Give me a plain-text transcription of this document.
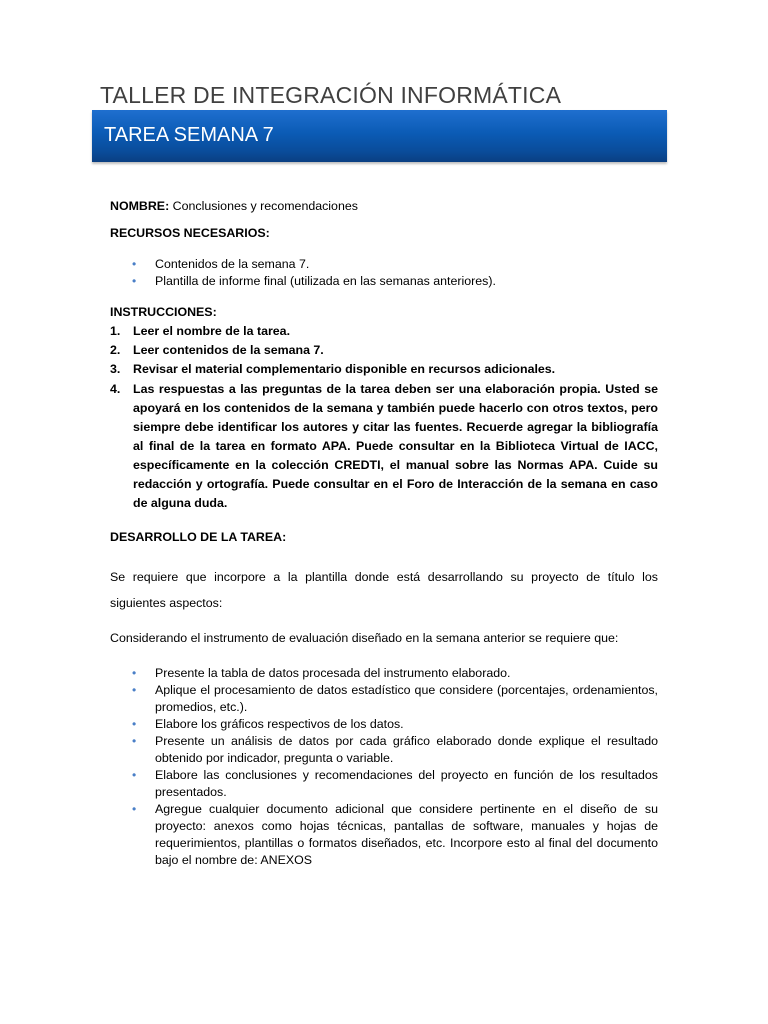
TALLER DE INTEGRACIÓN INFORMÁTICA
TAREA SEMANA 7

NOMBRE: Conclusiones y recomendaciones

RECURSOS NECESARIOS:

• Contenidos de la semana 7.
• Plantilla de informe final (utilizada en las semanas anteriores).

INSTRUCCIONES:

1. Leer el nombre de la tarea.
2. Leer contenidos de la semana 7.
3. Revisar el material complementario disponible en recursos adicionales.
4. Las respuestas a las preguntas de la tarea deben ser una elaboración propia. Usted se apoyará en los contenidos de la semana y también puede hacerlo con otros textos, pero siempre debe identificar los autores y citar las fuentes. Recuerde agregar la bibliografía al final de la tarea en formato APA. Puede consultar en la Biblioteca Virtual de IACC, específicamente en la colección CREDTI, el manual sobre las Normas APA. Cuide su redacción y ortografía. Puede consultar en el Foro de Interacción de la semana en caso de alguna duda.

DESARROLLO DE LA TAREA:

Se requiere que incorpore a la plantilla donde está desarrollando su proyecto de título los siguientes aspectos:

Considerando el instrumento de evaluación diseñado en la semana anterior se requiere que:

• Presente la tabla de datos procesada del instrumento elaborado.
• Aplique el procesamiento de datos estadístico que considere (porcentajes, ordenamientos, promedios, etc.).
• Elabore los gráficos respectivos de los datos.
• Presente un análisis de datos por cada gráfico elaborado donde explique el resultado obtenido por indicador, pregunta o variable.
• Elabore las conclusiones y recomendaciones del proyecto en función de los resultados presentados.
• Agregue cualquier documento adicional que considere pertinente en el diseño de su proyecto: anexos como hojas técnicas, pantallas de software, manuales y hojas de requerimientos, plantillas o formatos diseñados, etc. Incorpore esto al final del documento bajo el nombre de: ANEXOS
